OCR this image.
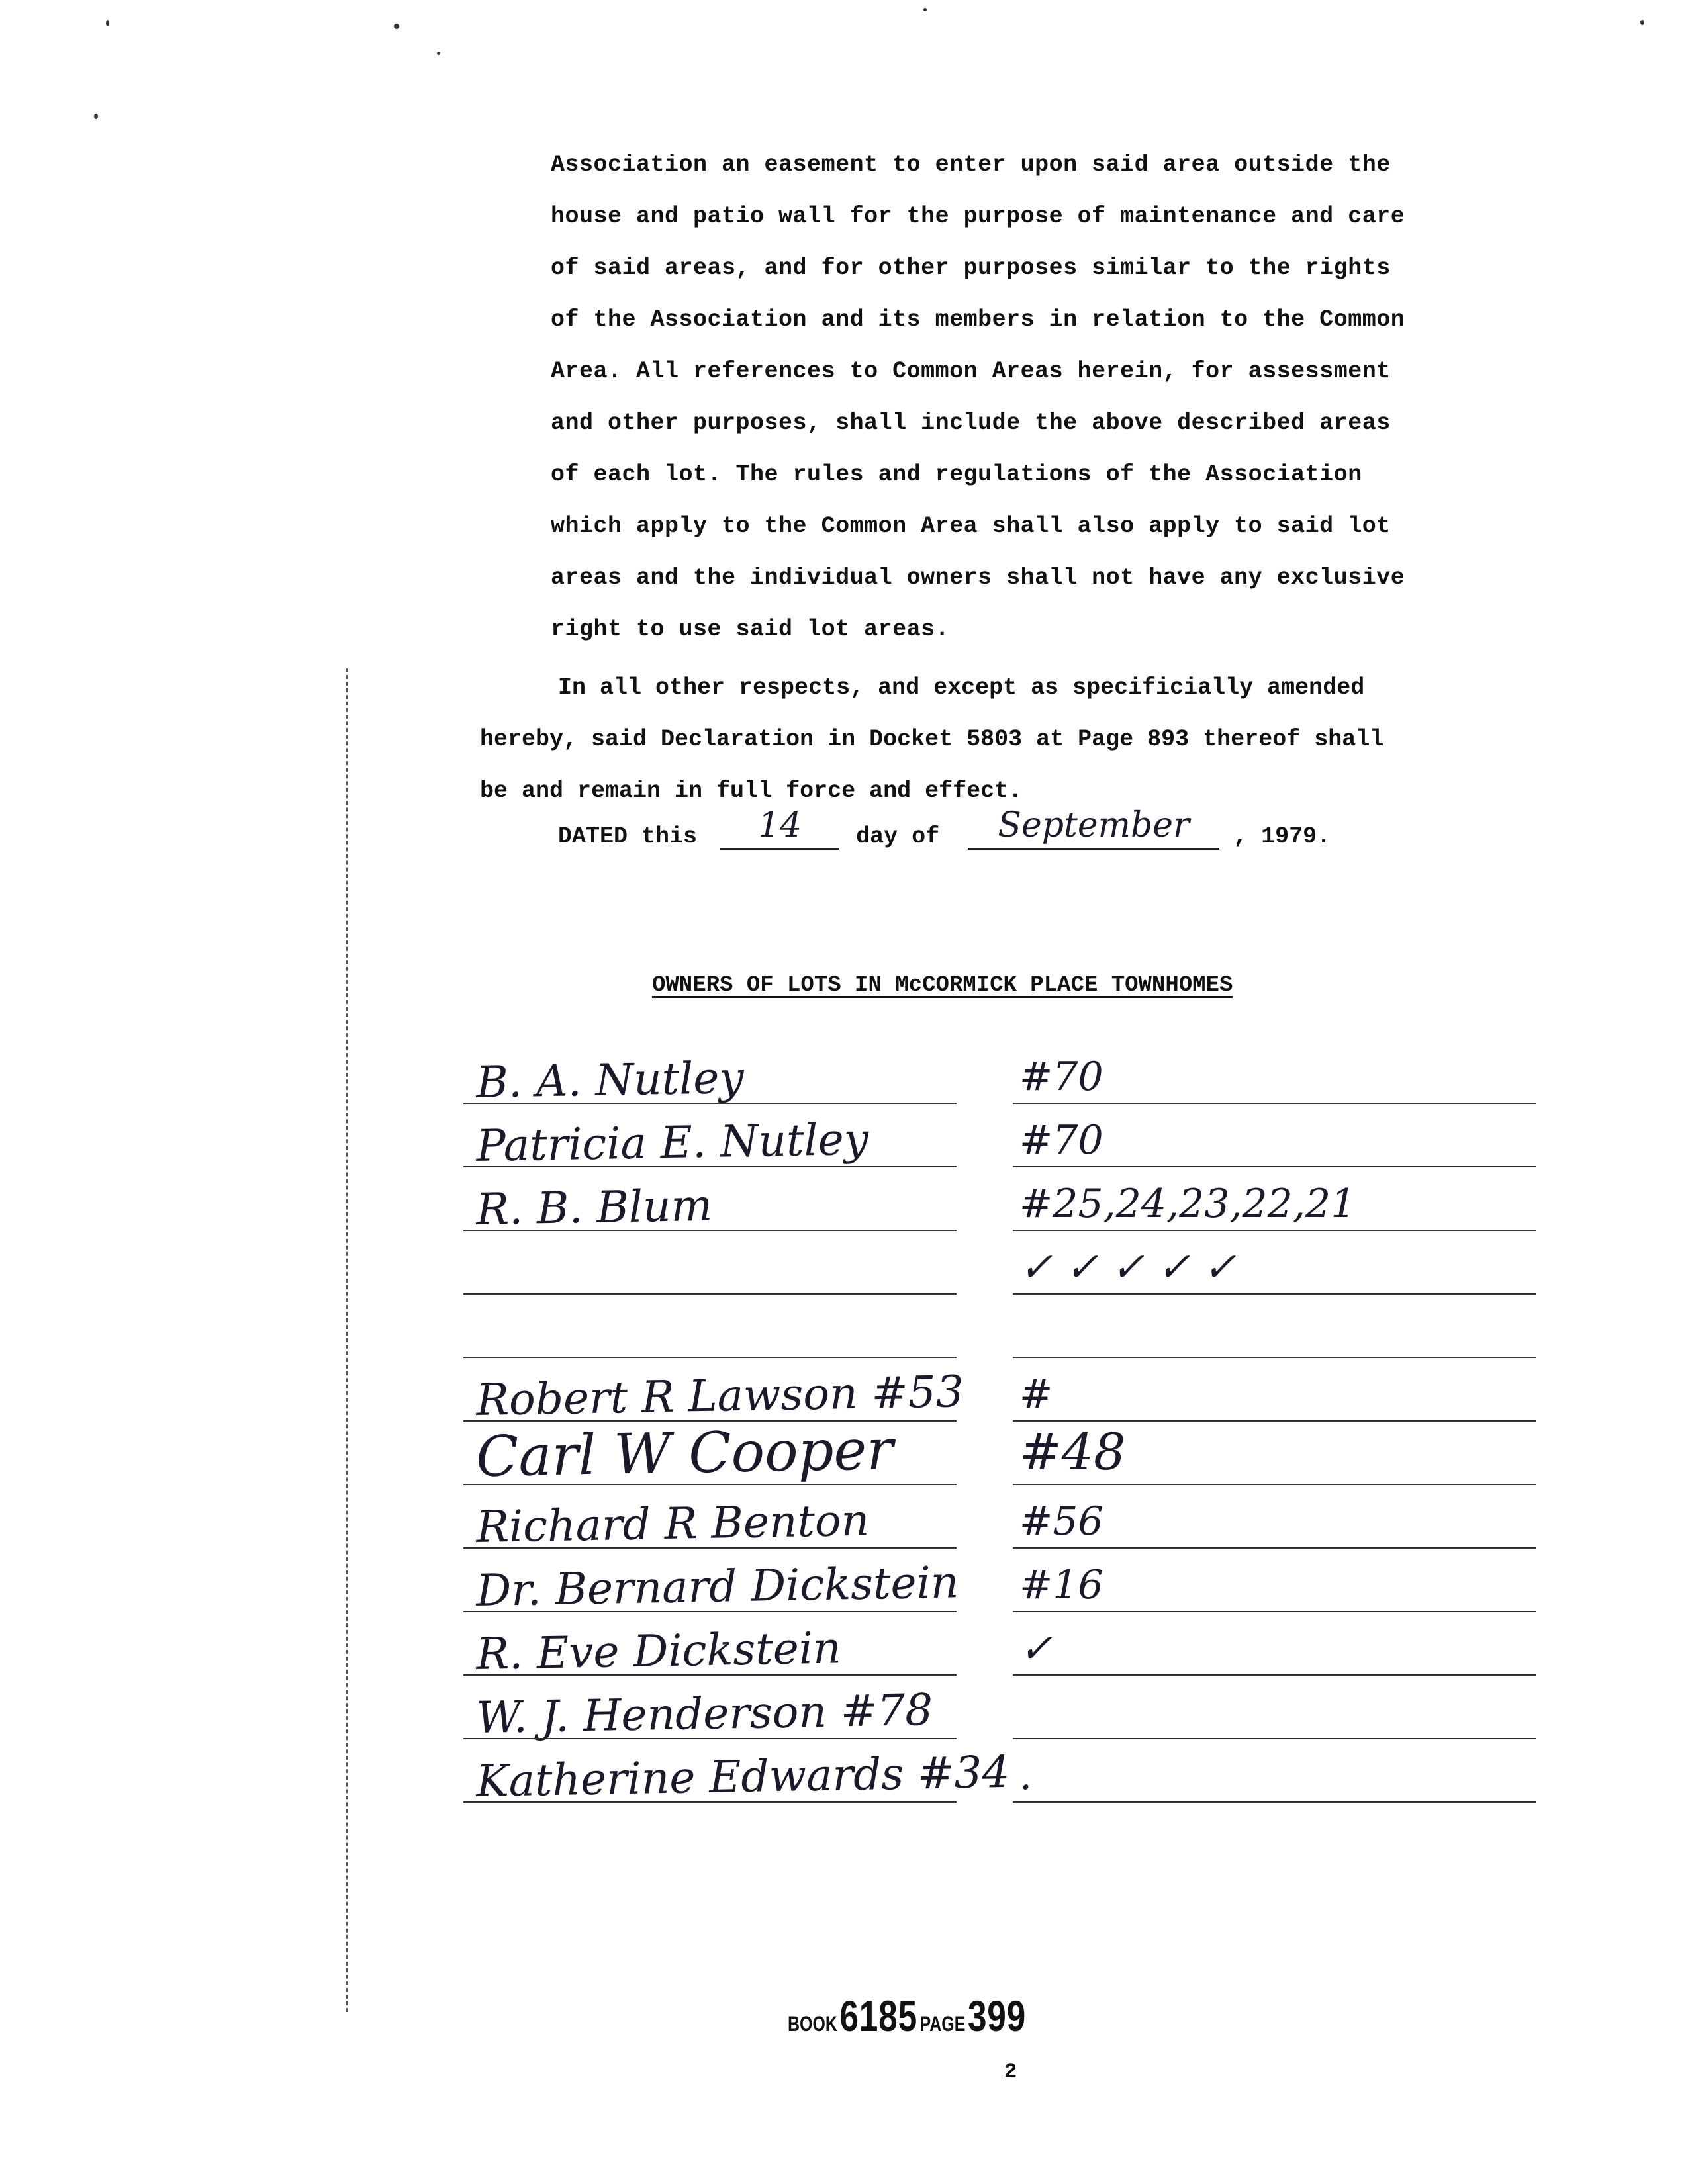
Association an easement to enter upon said area outside the
house and patio wall for the purpose of maintenance and care
of said areas, and for other purposes similar to the rights
of the Association and its members in relation to the Common
Area. All references to Common Areas herein, for assessment
and other purposes, shall include the above described areas
of each lot. The rules and regulations of the Association
which apply to the Common Area shall also apply to said lot
areas and the individual owners shall not have any exclusive
right to use said lot areas.
In all other respects, and except as specificially amended
hereby, said Declaration in Docket 5803 at Page 893 thereof shall
be and remain in full force and effect.
DATED this	14	day of	September	, 1979.
OWNERS OF LOTS IN McCORMICK PLACE TOWNHOMES
B. A. Nutley	#70
Patricia E. Nutley	#70
R. B. Blum	#25,24,23,22,21
✓ ✓ ✓ ✓ ✓
Robert R Lawson #53 #
Carl W Cooper #48
Richard R Benton	#56
Dr. Bernard Dickstein #16
R. Eve Dickstein	✓
W. J. Henderson #78
Katherine Edwards #34 .
BOOK 6185 PAGE 399
2
